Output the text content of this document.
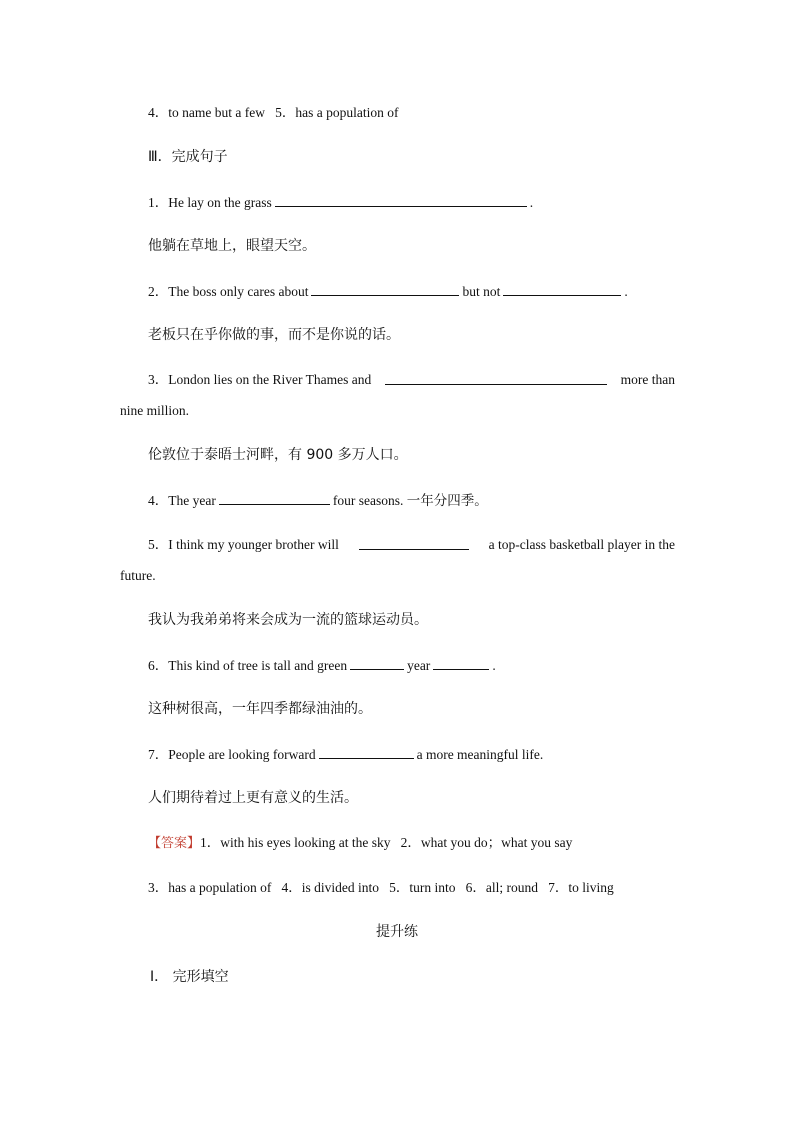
4．to name but a few   5．has a population of
Ⅲ．完成句子
1．He lay on the grass	.
他躺在草地上，眼望天空。
2．The boss only cares about	but not	.
老板只在乎你做的事，而不是你说的话。
3．London lies on the River Thames and	more than
nine million.
伦敦位于泰晤士河畔，有 900 多万人口。
4．The year	four seasons. 一年分四季。
5．I think my younger brother will	a top-class basketball player in the
future.
我认为我弟弟将来会成为一流的篮球运动员。
6．This kind of tree is tall and green	year	.
这种树很高，一年四季都绿油油的。
7．People are looking forward	a more meaningful life.
人们期待着过上更有意义的生活。
【答案】1．with his eyes looking at the sky   2．what you do；what you say
3．has a population of   4．is divided into   5．turn into   6．all; round   7．to living
提升练
Ⅰ． 完形填空
